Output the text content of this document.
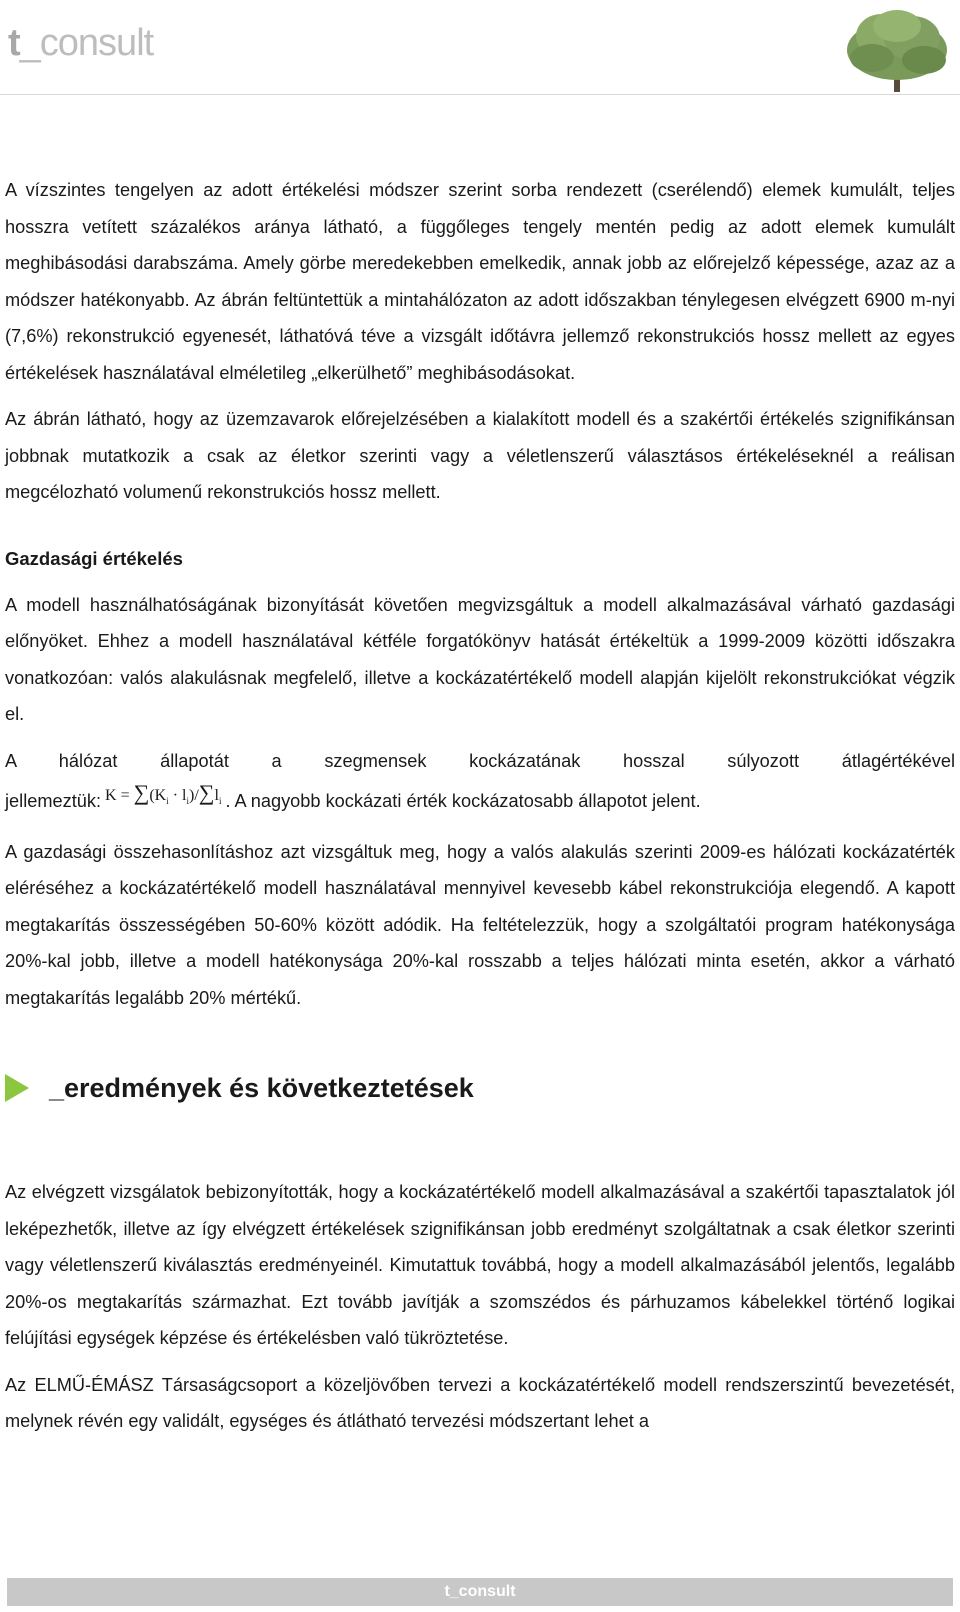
t_consult

A vízszintes tengelyen az adott értékelési módszer szerint sorba rendezett (cserélendő) elemek kumulált, teljes hosszra vetített százalékos aránya látható, a függőleges tengely mentén pedig az adott elemek kumulált meghibásodási darabszáma. Amely görbe meredekebben emelkedik, annak jobb az előrejelző képessége, azaz az a módszer hatékonyabb. Az ábrán feltüntettük a mintahálózaton az adott időszakban ténylegesen elvégzett 6900 m-nyi (7,6%) rekonstrukció egyenesét, láthatóvá téve a vizsgált időtávra jellemző rekonstrukciós hossz mellett az egyes értékelések használatával elméletileg „elkerülhető” meghibásodásokat.

Az ábrán látható, hogy az üzemzavarok előrejelzésében a kialakított modell és a szakértői értékelés szignifikánsan jobbnak mutatkozik a csak az életkor szerinti vagy a véletlenszerű választásos értékeléseknél a reálisan megcélozható volumenű rekonstrukciós hossz mellett.

Gazdasági értékelés

A modell használhatóságának bizonyítását követően megvizsgáltuk a modell alkalmazásával várható gazdasági előnyöket. Ehhez a modell használatával kétféle forgatókönyv hatását értékeltük a 1999-2009 közötti időszakra vonatkozóan: valós alakulásnak megfelelő, illetve a kockázatértékelő modell alapján kijelölt rekonstrukciókat végzik el.

A hálózat állapotát a szegmensek kockázatának hosszal súlyozott átlagértékével

jellemeztük: $K = \sum(K_i \cdot l_i)/\sum l_i$ . A nagyobb kockázati érték kockázatosabb állapotot jelent.

A gazdasági összehasonlításhoz azt vizsgáltuk meg, hogy a valós alakulás szerinti 2009-es hálózati kockázatérték eléréséhez a kockázatértékelő modell használatával mennyivel kevesebb kábel rekonstrukciója elegendő. A kapott megtakarítás összességében 50-60% között adódik. Ha feltételezzük, hogy a szolgáltatói program hatékonysága 20%-kal jobb, illetve a modell hatékonysága 20%-kal rosszabb a teljes hálózati minta esetén, akkor a várható megtakarítás legalább 20% mértékű.

_eredmények és következtetések

Az elvégzett vizsgálatok bebizonyították, hogy a kockázatértékelő modell alkalmazásával a szakértői tapasztalatok jól leképezhetők, illetve az így elvégzett értékelések szignifikánsan jobb eredményt szolgáltatnak a csak életkor szerinti vagy véletlenszerű kiválasztás eredményeinél. Kimutattuk továbbá, hogy a modell alkalmazásából jelentős, legalább 20%-os megtakarítás származhat. Ezt tovább javítják a szomszédos és párhuzamos kábelekkel történő logikai felújítási egységek képzése és értékelésben való tükröztetése.

Az ELMŰ-ÉMÁSZ Társaságcsoport a közeljövőben tervezi a kockázatértékelő modell rendszerszintű bevezetését, melynek révén egy validált, egységes és átlátható tervezési módszertant lehet a

t_consult
